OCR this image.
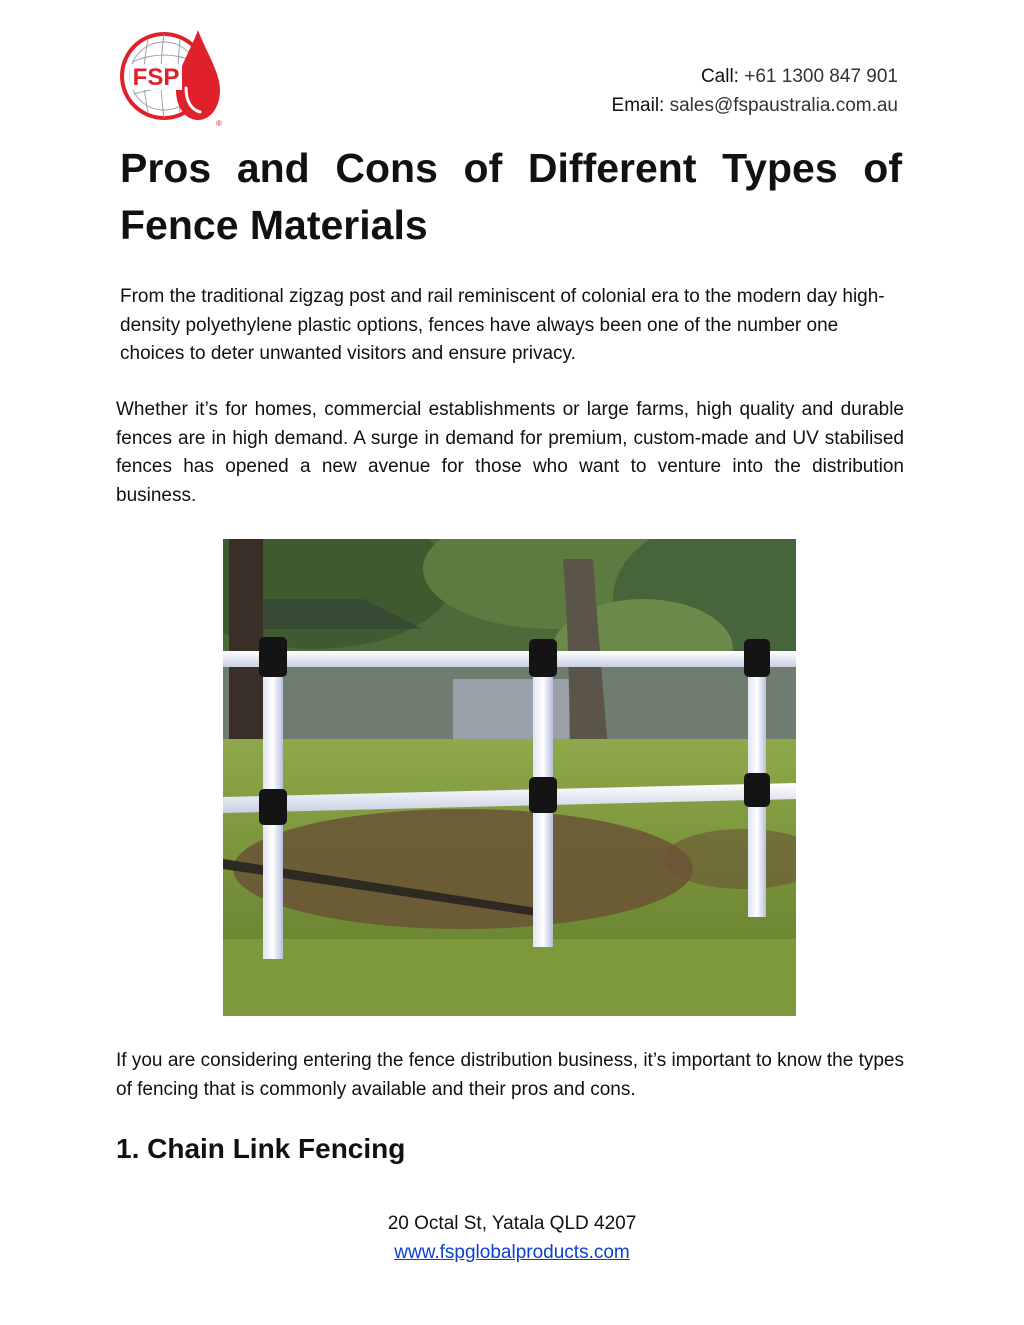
FSP
®
Call: +61 1300 847 901
Email: sales@fspaustralia.com.au
Pros and Cons of Different Types of Fence Materials

From the traditional zigzag post and rail reminiscent of colonial era to the modern day high-density polyethylene plastic options, fences have always been one of the number one choices to deter unwanted visitors and ensure privacy.

Whether it’s for homes, commercial establishments or large farms, high quality and durable fences are in high demand. A surge in demand for premium, custom-made and UV stabilised fences has opened a new avenue for those who want to venture into the distribution business.

If you are considering entering the fence distribution business, it’s important to know the types of fencing that is commonly available and their pros and cons.

1. Chain Link Fencing
20 Octal St, Yatala QLD 4207
www.fspglobalproducts.com
